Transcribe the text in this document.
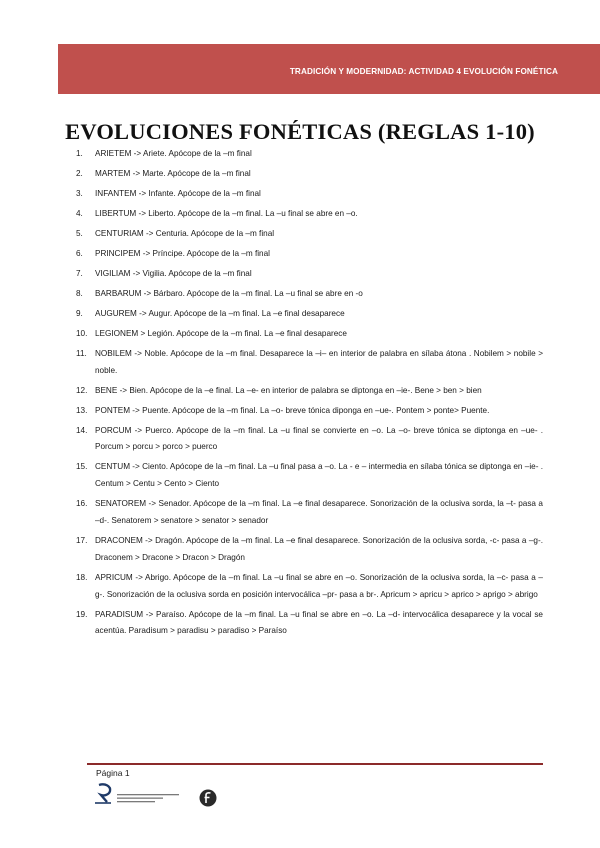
TRADICIÓN Y MODERNIDAD: ACTIVIDAD 4 EVOLUCIÓN FONÉTICA
EVOLUCIONES FONÉTICAS (REGLAS 1-10)
1. ARIETEM -> Ariete. Apócope de la –m final
2. MARTEM -> Marte. Apócope de la –m final
3. INFANTEM -> Infante. Apócope de la –m final
4. LIBERTUM -> Liberto. Apócope de la –m final. La –u final se abre en –o.
5. CENTURIAM -> Centuria. Apócope de la –m final
6. PRINCIPEM -> Príncipe. Apócope de la –m final
7. VIGILIAM -> Vigilia. Apócope de la –m final
8. BARBARUM -> Bárbaro. Apócope de la –m final. La –u final se abre en -o
9. AUGUREM -> Augur. Apócope de la –m final. La –e final desaparece
10. LEGIONEM > Legión. Apócope de la –m final. La –e final desaparece
11. NOBILEM -> Noble. Apócope de la –m final. Desaparece la –i– en interior de palabra en sílaba átona . Nobilem > nobile > noble.
12. BENE -> Bien. Apócope de la –e final. La –e- en interior de palabra se diptonga en –ie-. Bene > ben > bien
13. PONTEM -> Puente. Apócope de la –m final. La –o- breve tónica diponga en –ue-. Pontem > ponte> Puente.
14. PORCUM -> Puerco. Apócope de la –m final. La –u final se convierte en –o. La –o- breve tónica se diptonga en –ue- . Porcum > porcu > porco > puerco
15. CENTUM -> Ciento. Apócope de la –m final. La –u final pasa a –o. La - e – intermedia en sílaba tónica se diptonga en –ie- . Centum > Centu > Cento > Ciento
16. SENATOREM -> Senador. Apócope de la –m final. La –e final desaparece. Sonorización de la oclusiva sorda, la –t- pasa a –d-. Senatorem > senatore > senator > senador
17. DRACONEM -> Dragón. Apócope de la –m final. La –e final desaparece. Sonorización de la oclusiva sorda, -c- pasa a –g-. Draconem > Dracone > Dracon > Dragón
18. APRICUM -> Abrigo. Apócope de la –m final. La –u final se abre en –o. Sonorización de la oclusiva sorda, la –c- pasa a –g-. Sonorización de la oclusiva sorda en posición intervocálica –pr- pasa a br-. Apricum > apricu > aprico > aprigo > abrigo
19. PARADISUM -> Paraíso. Apócope de la –m final. La –u final se abre en –o. La –d- intervocálica desaparece y la vocal se acentúa. Paradisum > paradisu > paradiso > Paraíso
Página 1
